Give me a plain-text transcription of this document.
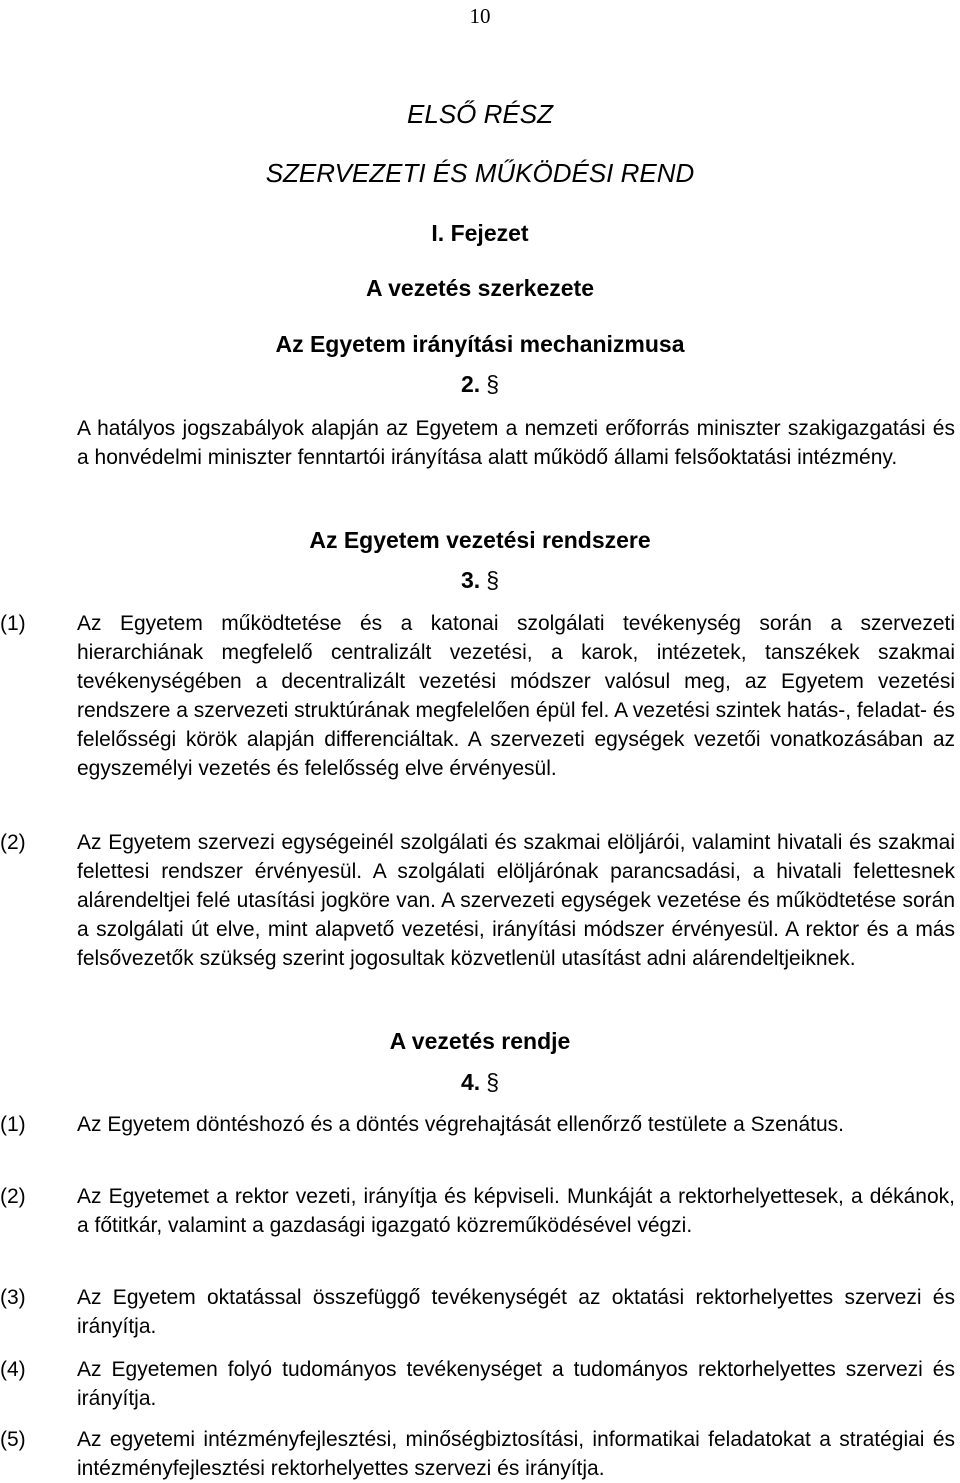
10
ELSŐ RÉSZ
SZERVEZETI ÉS MŰKÖDÉSI REND
I. Fejezet
A vezetés szerkezete
Az Egyetem irányítási mechanizmusa
2. §
A hatályos jogszabályok alapján az Egyetem a nemzeti erőforrás miniszter szakigazgatási és a honvédelmi miniszter fenntartói irányítása alatt működő állami felsőoktatási intézmény.
Az Egyetem vezetési rendszere
3. §
(1) Az Egyetem működtetése és a katonai szolgálati tevékenység során a szervezeti hierarchiának megfelelő centralizált vezetési, a karok, intézetek, tanszékek szakmai tevékenységében a decentralizált vezetési módszer valósul meg, az Egyetem vezetési rendszere a szervezeti struktúrának megfelelően épül fel. A vezetési szintek hatás-, feladat- és felelősségi körök alapján differenciáltak. A szervezeti egységek vezetői vonatkozásában az egyszemélyi vezetés és felelősség elve érvényesül.
(2) Az Egyetem szervezi egységeinél szolgálati és szakmai elöljárói, valamint hivatali és szakmai felettesi rendszer érvényesül. A szolgálati elöljárónak parancsadási, a hivatali felettesnek alárendeltjei felé utasítási jogköre van. A szervezeti egységek vezetése és működtetése során a szolgálati út elve, mint alapvető vezetési, irányítási módszer érvényesül. A rektor és a más felsővezetők szükség szerint jogosultak közvetlenül utasítást adni alárendeltjeiknek.
A vezetés rendje
4. §
(1) Az Egyetem döntéshozó és a döntés végrehajtását ellenőrző testülete a Szenátus.
(2) Az Egyetemet a rektor vezeti, irányítja és képviseli. Munkáját a rektorhelyettesek, a dékánok, a főtitkár, valamint a gazdasági igazgató közreműködésével végzi.
(3) Az Egyetem oktatással összefüggő tevékenységét az oktatási rektorhelyettes szervezi és irányítja.
(4) Az Egyetemen folyó tudományos tevékenységet a tudományos rektorhelyettes szervezi és irányítja.
(5) Az egyetemi intézményfejlesztési, minőségbiztosítási, informatikai feladatokat a stratégiai és intézményfejlesztési rektorhelyettes szervezi és irányítja.
